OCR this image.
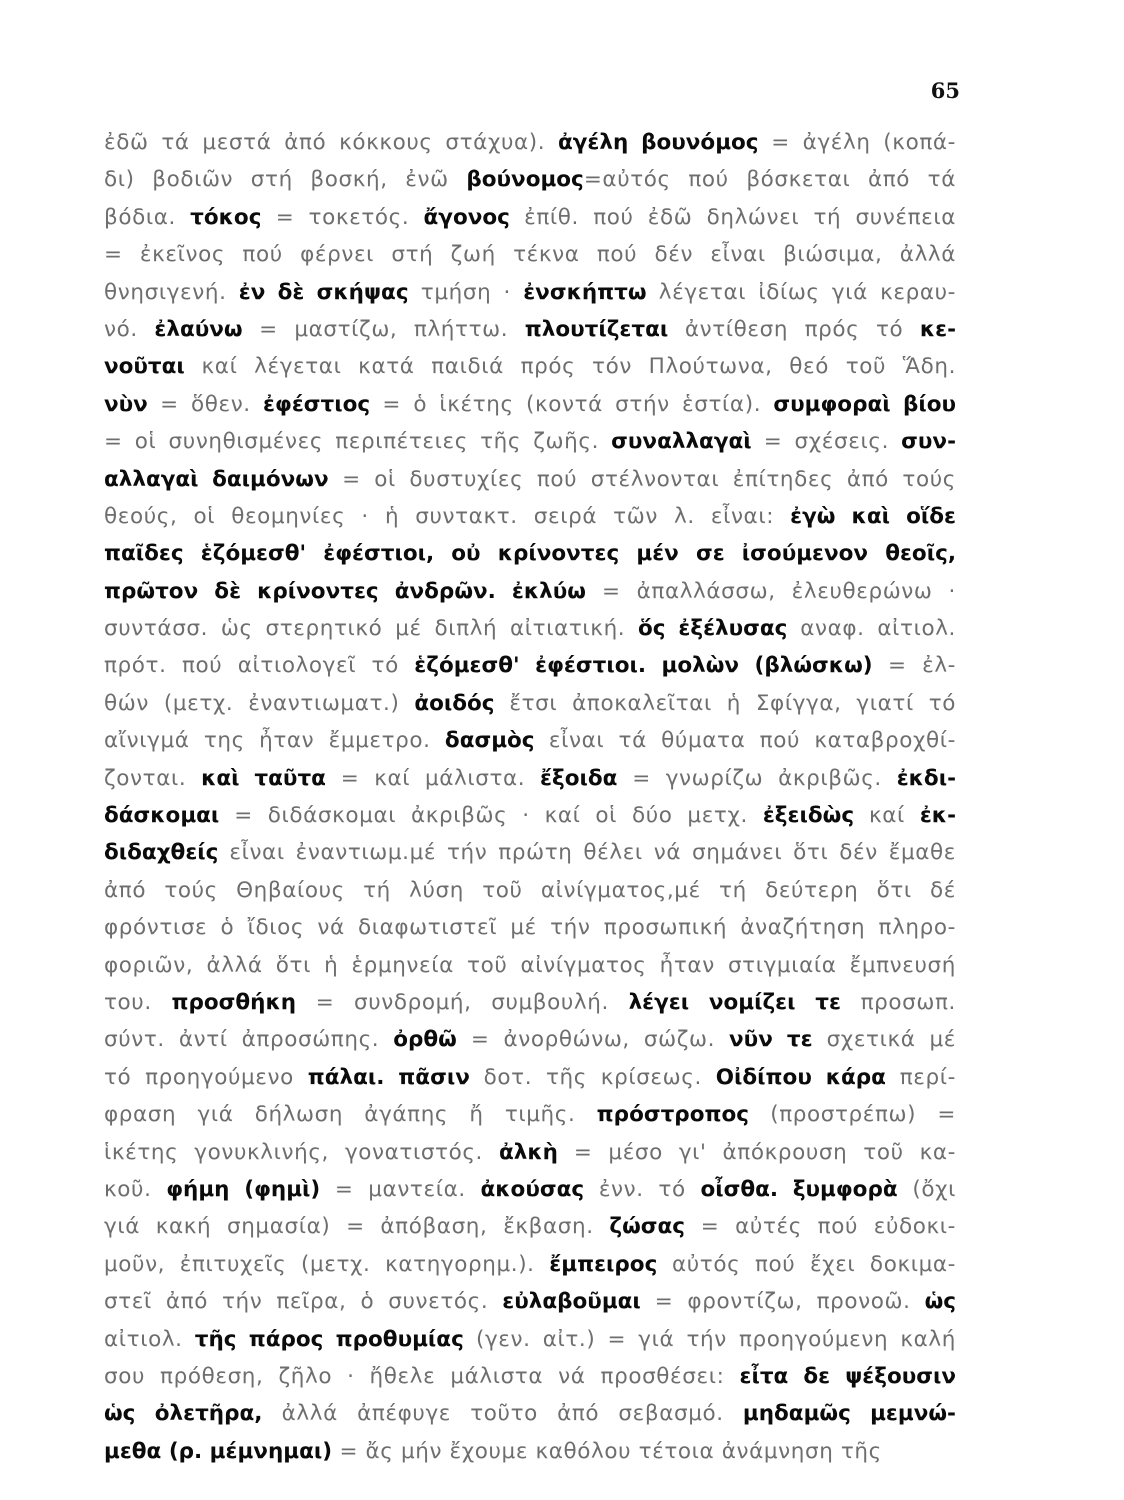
65
ἐδῶ τά μεστά ἀπό κόκκους στάχυα). ἀγέλη βουνόμος = ἀγέλη (κοπά-
δι) βοδιῶν στή βοσκή, ἐνῶ βούνομος=αὐτός πού βόσκεται ἀπό τά
βόδια. τόκος = τοκετός. ἄγονος ἐπίθ. πού ἐδῶ δηλώνει τή συνέπεια
= ἐκεῖνος πού φέρνει στή ζωή τέκνα πού δέν εἶναι βιώσιμα, ἀλλά
θνησιγενή. ἐν δὲ σκήψας τμήση · ἐνσκήπτω λέγεται ἰδίως γιά κεραυ-
νό. ἐλαύνω = μαστίζω, πλήττω. πλουτίζεται ἀντίθεση πρός τό κε-
νοῦται καί λέγεται κατά παιδιά πρός τόν Πλούτωνα, θεό τοῦ Ἅδη.
νὺν = ὅθεν. ἐφέστιος = ὁ ἱκέτης (κοντά στήν ἑστία). συμφοραὶ βίου
= οἱ συνηθισμένες περιπέτειες τῆς ζωῆς. συναλλαγαὶ = σχέσεις. συν-
αλλαγαὶ δαιμόνων = οἱ δυστυχίες πού στέλνονται ἐπίτηδες ἀπό τούς
θεούς, οἱ θεομηνίες · ἡ συντακτ. σειρά τῶν λ. εἶναι: ἐγὼ καὶ οἵδε
παῖδες ἑζόμεσθ' ἐφέστιοι, οὐ κρίνοντες μέν σε ἰσούμενον θεοῖς,
πρῶτον δὲ κρίνοντες ἀνδρῶν. ἐκλύω = ἀπαλλάσσω, ἐλευθερώνω ·
συντάσσ. ὡς στερητικό μέ διπλή αἰτιατική. ὅς ἐξέλυσας αναφ. αἰτιολ.
πρότ. πού αἰτιολογεῖ τό ἑζόμεσθ' ἐφέστιοι. μολὼν (βλώσκω) = ἐλ-
θών (μετχ. ἐναντιωματ.) ἀοιδός ἔτσι ἀποκαλεῖται ἡ Σφίγγα, γιατί τό
αἴνιγμά της ἦταν ἔμμετρο. δασμὸς εἶναι τά θύματα πού καταβροχθί-
ζονται. καὶ ταῦτα = καί μάλιστα. ἔξοιδα = γνωρίζω ἀκριβῶς. ἐκδι-
δάσκομαι = διδάσκομαι ἀκριβῶς · καί οἱ δύο μετχ. ἐξειδὼς καί ἐκ-
διδαχθείς εἶναι ἐναντιωμ.μέ τήν πρώτη θέλει νά σημάνει ὅτι δέν ἔμαθε
ἀπό τούς Θηβαίους τή λύση τοῦ αἰνίγματος,μέ τή δεύτερη ὅτι δέ
φρόντισε ὁ ἴδιος νά διαφωτιστεῖ μέ τήν προσωπική ἀναζήτηση πληρο-
φοριῶν, ἀλλά ὅτι ἡ ἑρμηνεία τοῦ αἰνίγματος ἦταν στιγμιαία ἔμπνευσή
του. προσθήκη = συνδρομή, συμβουλή. λέγει νομίζει τε προσωπ.
σύντ. ἀντί ἀπροσώπης. ὀρθῶ = ἀνορθώνω, σώζω. νῦν τε σχετικά μέ
τό προηγούμενο πάλαι. πᾶσιν δοτ. τῆς κρίσεως. Οἰδίπου κάρα περί-
φραση γιά δήλωση ἀγάπης ἤ τιμῆς. πρόστροπος (προστρέπω) =
ἱκέτης γονυκλινής, γονατιστός. ἀλκὴ = μέσο γι' ἀπόκρουση τοῦ κα-
κοῦ. φήμη (φημὶ) = μαντεία. ἀκούσας ἐνν. τό οἶσθα. ξυμφορὰ (ὄχι
γιά κακή σημασία) = ἀπόβαση, ἔκβαση. ζώσας = αὐτές πού εὐδοκι-
μοῦν, ἐπιτυχεῖς (μετχ. κατηγορημ.). ἔμπειρος αὐτός πού ἔχει δοκιμα-
στεῖ ἀπό τήν πεῖρα, ὁ συνετός. εὐλαβοῦμαι = φροντίζω, προνοῶ. ὡς
αἰτιολ. τῆς πάρος προθυμίας (γεν. αἰτ.) = γιά τήν προηγούμενη καλή
σου πρόθεση, ζῆλο · ἤθελε μάλιστα νά προσθέσει: εἶτα δε ψέξουσιν
ὡς ὀλετῆρα, ἀλλά ἀπέφυγε τοῦτο ἀπό σεβασμό. μηδαμῶς μεμνώ-
μεθα (ρ. μέμνημαι) = ἄς μήν ἔχουμε καθόλου τέτοια ἀνάμνηση τῆς
